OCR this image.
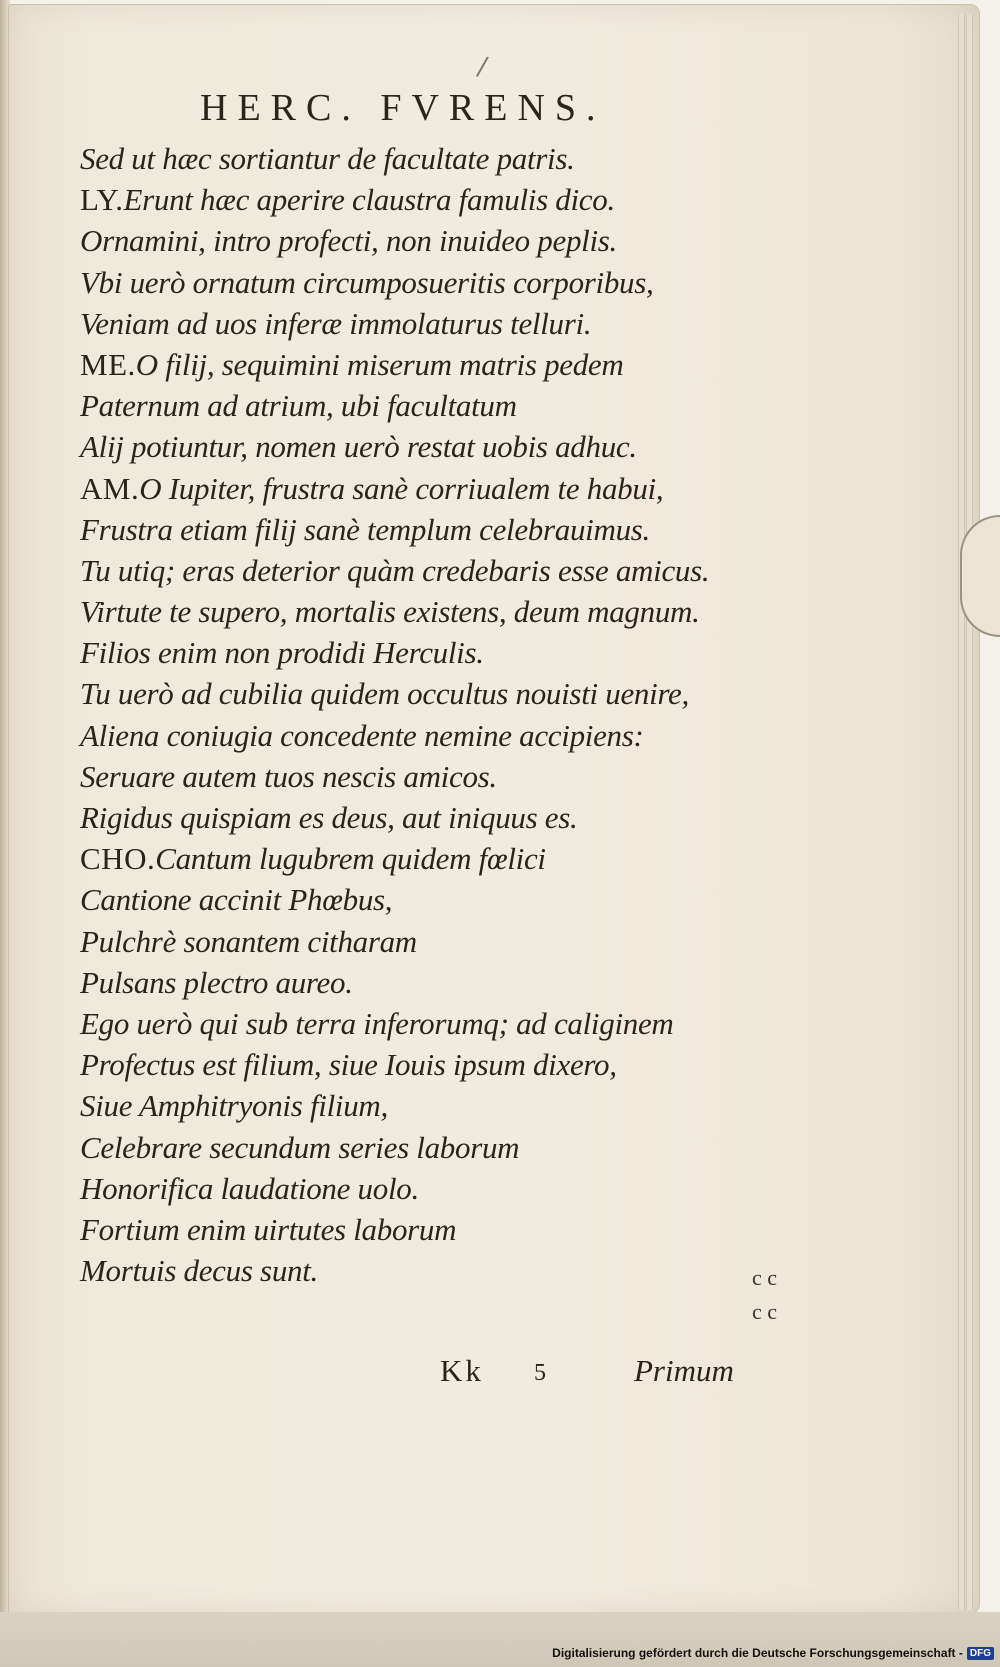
/
HERC. FVRENS.
Sed ut hæc sortiantur de facultate patris.
LY.Erunt hæc aperire claustra famulis dico.
Ornamini, intro profecti, non inuideo peplis.
Vbi uerò ornatum circumposueritis corporibus,
Veniam ad uos inferæ immolaturus telluri.
ME.O filij, sequimini miserum matris pedem
Paternum ad atrium, ubi facultatum
Alij potiuntur, nomen uerò restat uobis adhuc.
AM.O Iupiter, frustra sanè corriualem te habui,
Frustra etiam filij sanè templum celebrauimus.
Tu utiq; eras deterior quàm credebaris esse amicus.
Virtute te supero, mortalis existens, deum magnum.
Filios enim non prodidi Herculis.
Tu uerò ad cubilia quidem occultus nouisti uenire,
Aliena coniugia concedente nemine accipiens:
Seruare autem tuos nescis amicos.
Rigidus quispiam es deus, aut iniquus es.
CHO.Cantum lugubrem quidem fœlici
Cantione accinit Phœbus,
Pulchrè sonantem citharam
Pulsans plectro aureo.
Ego uerò qui sub terra inferorumq; ad caliginem
Profectus est filium, siue Iouis ipsum dixero,
Siue Amphitryonis filium,
Celebrare secundum series laborum
Honorifica laudatione uolo.
Fortium enim uirtutes laborum
Mortuis decus sunt.	c c
c c
Kk 5	Primum
Digitalisierung gefördert durch die Deutsche Forschungsgemeinschaft - DFG
